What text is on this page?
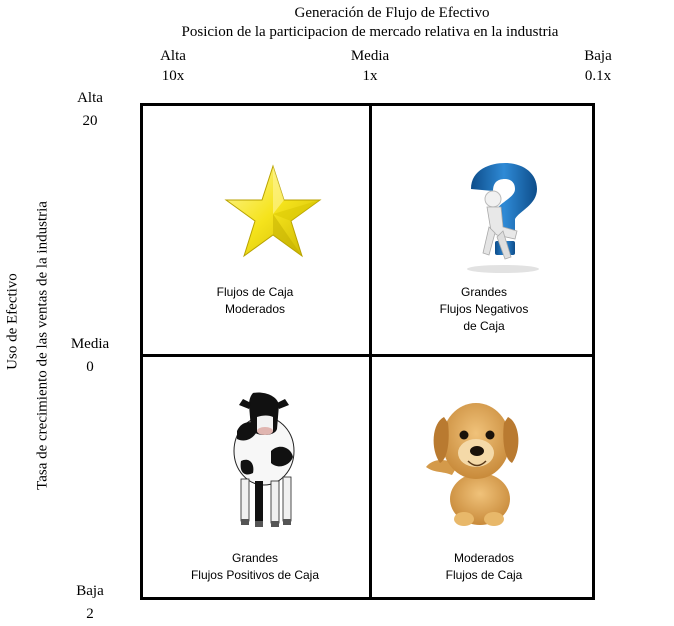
Generación de Flujo de Efectivo
Posicion de la participacion de mercado relativa en la industria
Alta
10x
Media
1x
Baja
0.1x
Alta
20
Media
0
Baja
2
Uso de Efectivo Tasa de crecimiento de las ventas de la industria	Flujos de Caja
Moderados
Grandes
Flujos Negativos
de Caja
Grandes
Flujos Positivos de Caja
Moderados
Flujos de Caja
